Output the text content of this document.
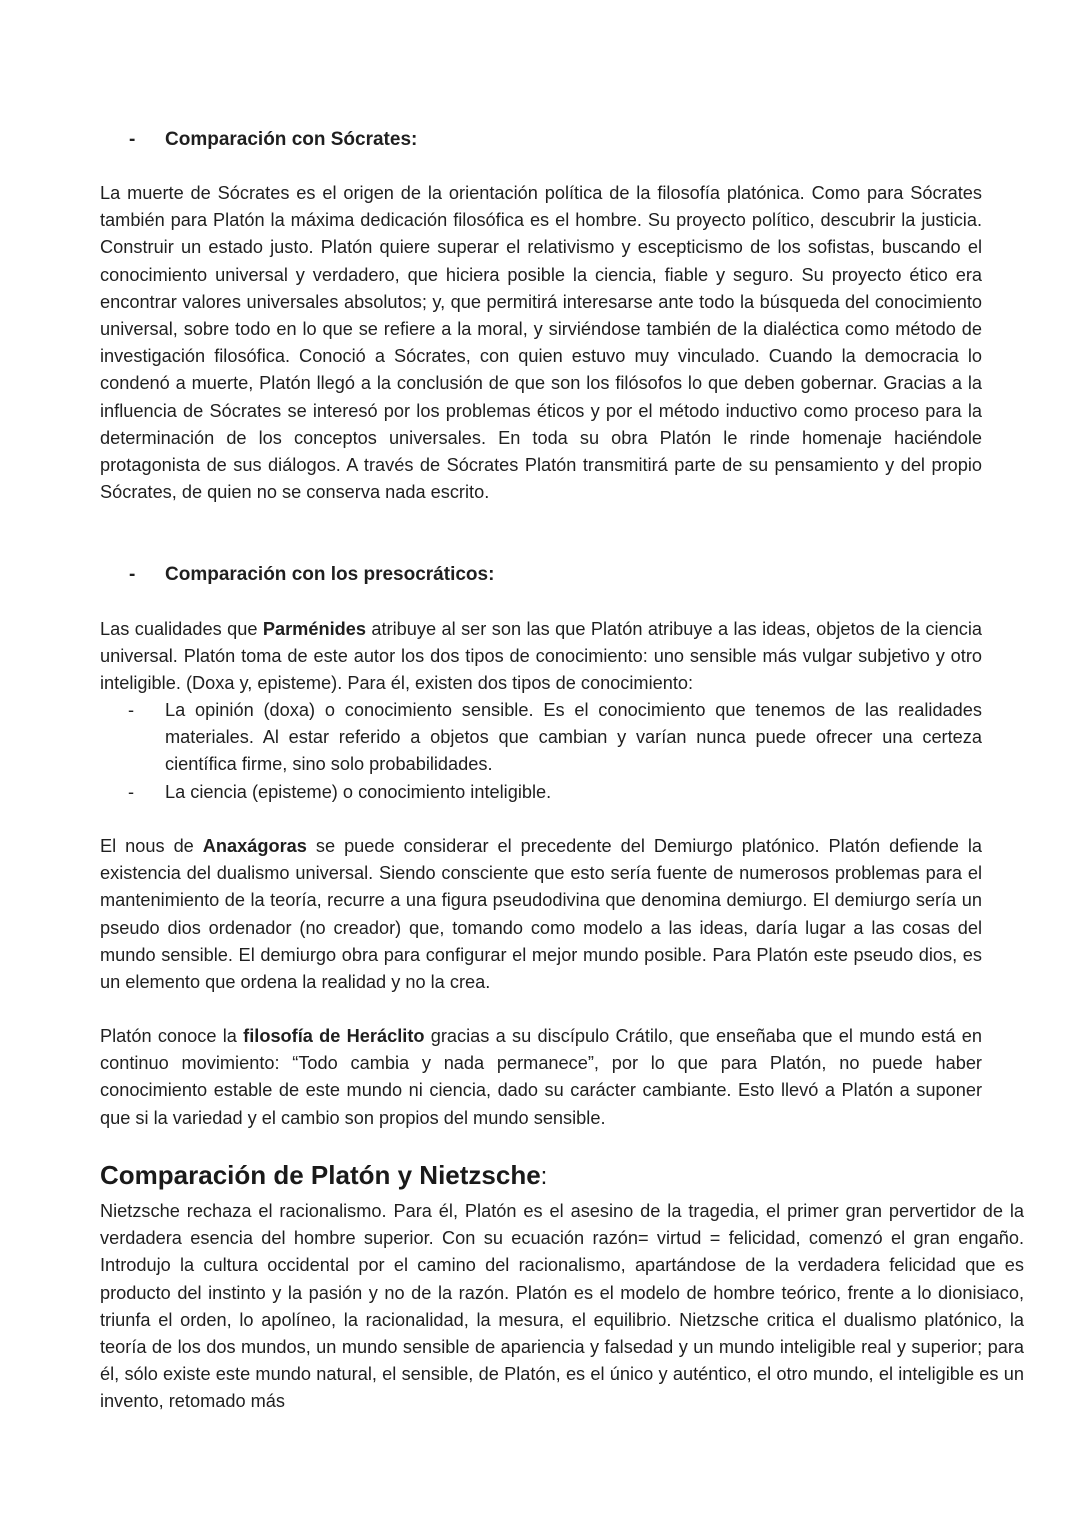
- Comparación con Sócrates:

La muerte de Sócrates es el origen de la orientación política de la filosofía platónica. Como para Sócrates también para Platón la máxima dedicación filosófica es el hombre. Su proyecto político, descubrir la justicia. Construir un estado justo. Platón quiere superar el relativismo y escepticismo de los sofistas, buscando el conocimiento universal y verdadero, que hiciera posible la ciencia, fiable y seguro. Su proyecto ético era encontrar valores universales absolutos; y, que permitirá interesarse ante todo la búsqueda del conocimiento universal, sobre todo en lo que se refiere a la moral, y sirviéndose también de la dialéctica como método de investigación filosófica. Conoció a Sócrates, con quien estuvo muy vinculado. Cuando la democracia lo condenó a muerte, Platón llegó a la conclusión de que son los filósofos lo que deben gobernar. Gracias a la influencia de Sócrates se interesó por los problemas éticos y por el método inductivo como proceso para la determinación de los conceptos universales. En toda su obra Platón le rinde homenaje haciéndole protagonista de sus diálogos. A través de Sócrates Platón transmitirá parte de su pensamiento y del propio Sócrates, de quien no se conserva nada escrito.

- Comparación con los presocráticos:

Las cualidades que Parménides atribuye al ser son las que Platón atribuye a las ideas, objetos de la ciencia universal. Platón toma de este autor los dos tipos de conocimiento: uno sensible más vulgar subjetivo y otro inteligible. (Doxa y, episteme). Para él, existen dos tipos de conocimiento:

- La opinión (doxa) o conocimiento sensible. Es el conocimiento que tenemos de las realidades materiales. Al estar referido a objetos que cambian y varían nunca puede ofrecer una certeza científica firme, sino solo probabilidades.
- La ciencia (episteme) o conocimiento inteligible.

El nous de Anaxágoras se puede considerar el precedente del Demiurgo platónico. Platón defiende la existencia del dualismo universal. Siendo consciente que esto sería fuente de numerosos problemas para el mantenimiento de la teoría, recurre a una figura pseudodivina que denomina demiurgo. El demiurgo sería un pseudo dios ordenador (no creador) que, tomando como modelo a las ideas, daría lugar a las cosas del mundo sensible. El demiurgo obra para configurar el mejor mundo posible. Para Platón este pseudo dios, es un elemento que ordena la realidad y no la crea.

Platón conoce la filosofía de Heráclito gracias a su discípulo Crátilo, que enseñaba que el mundo está en continuo movimiento: “Todo cambia y nada permanece”, por lo que para Platón, no puede haber conocimiento estable de este mundo ni ciencia, dado su carácter cambiante. Esto llevó a Platón a suponer que si la variedad y el cambio son propios del mundo sensible.

Comparación de Platón y Nietzsche:

Nietzsche rechaza el racionalismo. Para él, Platón es el asesino de la tragedia, el primer gran pervertidor de la verdadera esencia del hombre superior. Con su ecuación razón= virtud = felicidad, comenzó el gran engaño. Introdujo la cultura occidental por el camino del racionalismo, apartándose de la verdadera felicidad que es producto del instinto y la pasión y no de la razón. Platón es el modelo de hombre teórico, frente a lo dionisiaco, triunfa el orden, lo apolíneo, la racionalidad, la mesura, el equilibrio. Nietzsche critica el dualismo platónico, la teoría de los dos mundos, un mundo sensible de apariencia y falsedad y un mundo inteligible real y superior; para él, sólo existe este mundo natural, el sensible, de Platón, es el único y auténtico, el otro mundo, el inteligible es un invento, retomado más
